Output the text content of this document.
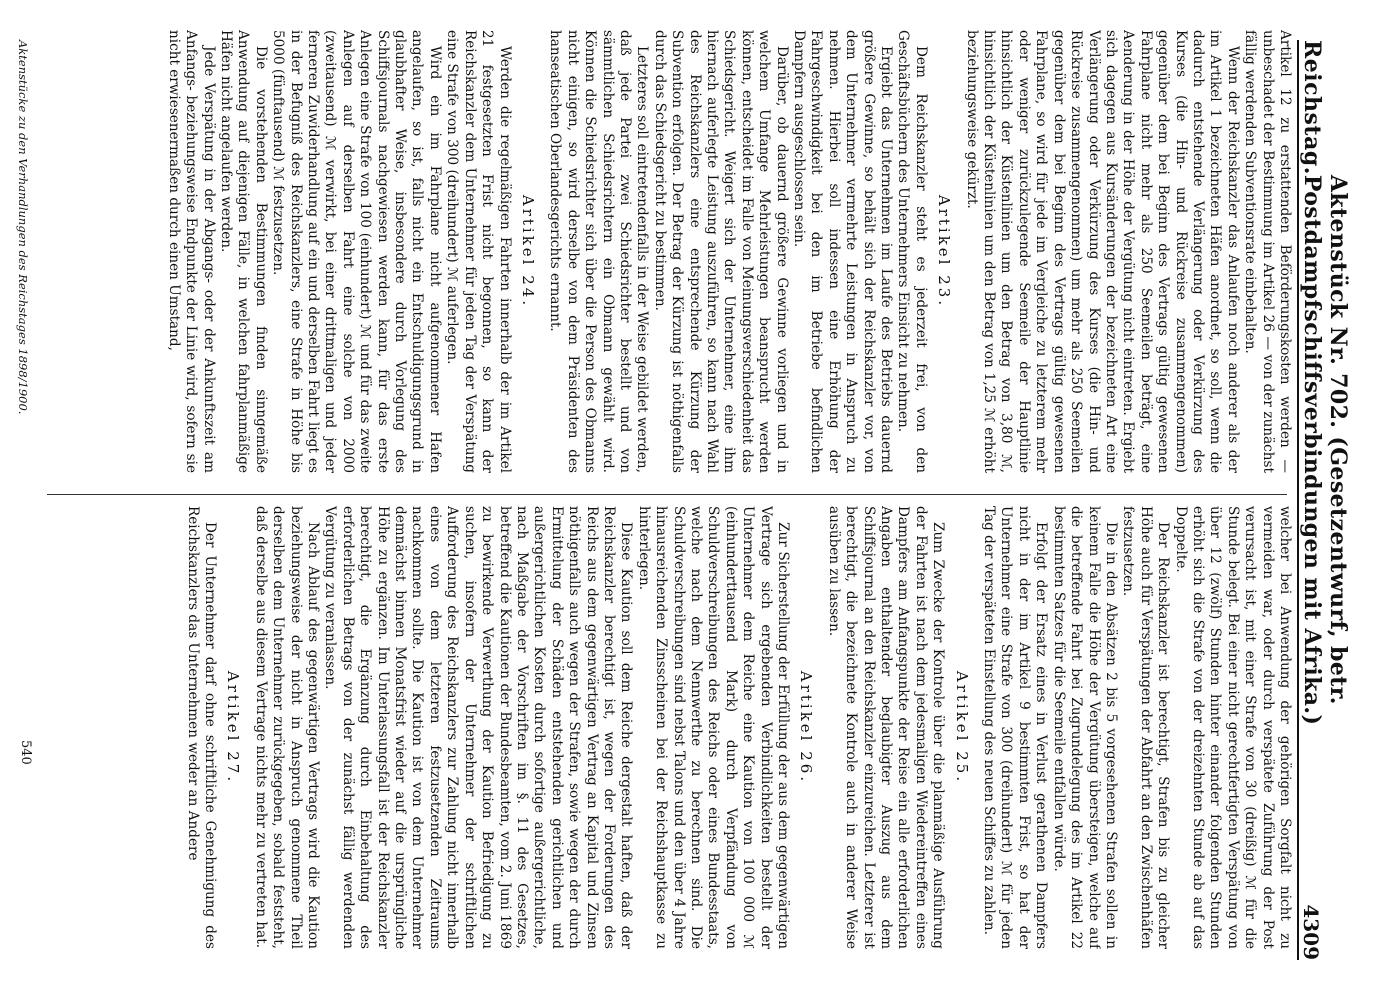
Reichstag.
Aktenstück Nr. 702. (Gesetzentwurf, betr. Postdampfschiffsverbindungen mit Afrika.)
4309

Artikel 12 zu erstattenden Beförderungskosten werden — unbeschadet der Bestimmung im Artikel 26 — von der zunächst fällig werdenden Subventionsrate einbehalten.

Wenn der Reichskanzler das Anlaufen noch anderer als der im Artikel 1 bezeichneten Häfen anordnet, so soll, wenn die dadurch entstehende Verlängerung oder Verkürzung des Kurses (die Hin- und Rückreise zusammengenommen) gegenüber dem bei Beginn des Vertrags gültig gewesenen Fahrplane nicht mehr als 250 Seemeilen beträgt, eine Aenderung in der Höhe der Vergütung nicht eintreten. Ergiebt sich dagegen aus Kursänderungen der bezeichneten Art eine Verlängerung oder Verkürzung des Kurses (die Hin- und Rückreise zusammengenommen) um mehr als 250 Seemeilen gegenüber dem bei Beginn des Vertrags gültig gewesenen Fahrplane, so wird für jede im Vergleiche zu letzterem mehr oder weniger zurückzulegende Seemeile der Hauptlinie hinsichtlich der Küstenlinien um den Betrag von 3,80 ℳ, hinsichtlich der Küstenlinien um den Betrag von 1,25 ℳ erhöht beziehungsweise gekürzt.

Artikel 23.

Dem Reichskanzler steht es jederzeit frei, von den Geschäftsbüchern des Unternehmers Einsicht zu nehmen.

Ergiebt das Unternehmen im Laufe des Betriebs dauernd größere Gewinne, so behält sich der Reichskanzler vor, von dem Unternehmer vermehrte Leistungen in Anspruch zu nehmen. Hierbei soll indessen eine Erhöhung der Fahrgeschwindigkeit bei den im Betriebe befindlichen Dampfern ausgeschlossen sein.

Darüber, ob dauernd größere Gewinne vorliegen und in welchem Umfange Mehrleistungen beansprucht werden können, entscheidet im Falle von Meinungsverschiedenheit das Schiedsgericht. Weigert sich der Unternehmer, eine ihm hiernach auferlegte Leistung auszuführen, so kann nach Wahl des Reichskanzlers eine entsprechende Kürzung der Subvention erfolgen. Der Betrag der Kürzung ist nöthigenfalls durch das Schiedsgericht zu bestimmen.

Letzteres soll eintretendenfalls in der Weise gebildet werden, daß jede Partei zwei Schiedsrichter bestellt und von sämmtlichen Schiedsrichtern ein Obmann gewählt wird. Können die Schiedsrichter sich über die Person des Obmanns nicht einigen, so wird derselbe von dem Präsidenten des hanseatischen Oberlandesgerichts ernannt.

Artikel 24.

Werden die regelmäßigen Fahrten innerhalb der im Artikel 21 festgesetzten Frist nicht begonnen, so kann der Reichskanzler dem Unternehmer für jeden Tag der Verspätung eine Strafe von 300 (dreihundert) ℳ auferlegen.

Wird ein im Fahrplane nicht aufgenommener Hafen angelaufen, so ist, falls nicht ein Entschuldigungsgrund in glaubhafter Weise, insbesondere durch Vorlegung des Schiffsjournals nachgewiesen werden kann, für das erste Anlegen eine Strafe von 100 (einhundert) ℳ und für das zweite Anlegen auf derselben Fahrt eine solche von 2000 (zweitausend) ℳ verwirkt, bei einer drittmaligen und jeder ferneren Zuwiderhandlung auf ein und derselben Fahrt liegt es in der Befugniß des Reichskanzlers, eine Strafe in Höhe bis 5000 (fünftausend) ℳ festzusetzen.

Die vorstehenden Bestimmungen finden sinngemäße Anwendung auf diejenigen Fälle, in welchen fahrplanmäßige Häfen nicht angelaufen werden.

Jede Verspätung in der Abgangs- oder der Ankunftszeit am Anfangs- beziehungsweise Endpunkte der Linie wird, sofern sie nicht erwiesenermaßen durch einen Umstand,

welcher bei Anwendung der gehörigen Sorgfalt nicht zu vermeiden war, oder durch verspätete Zuführung der Post verursacht ist, mit einer Strafe von 30 (dreißig) ℳ für die Stunde belegt. Bei einer nicht gerechtfertigten Verspätung von über 12 (zwölf) Stunden hinter einander folgenden Stunden erhöht sich die Strafe von der dreizehnten Stunde ab auf das Doppelte.

Der Reichskanzler ist berechtigt, Strafen bis zu gleicher Höhe auch für Verspätungen der Abfahrt an den Zwischenhäfen festzusetzen.

Die in den Absätzen 2 bis 5 vorgesehenen Strafen sollen in keinem Falle die Höhe der Vergütung übersteigen, welche auf die betreffende Fahrt bei Zugrundelegung des im Artikel 22 bestimmten Satzes für die Seemeile entfallen würde.

Erfolgt der Ersatz eines in Verlust gerathenen Dampfers nicht in der im Artikel 9 bestimmten Frist, so hat der Unternehmer eine Strafe von 300 (dreihundert) ℳ für jeden Tag der verspäteten Einstellung des neuen Schiffes zu zahlen.

Artikel 25.

Zum Zwecke der Kontrole über die planmäßige Ausführung der Fahrten ist nach dem jedesmaligen Wiedereintreffen eines Dampfers am Anfangspunkte der Reise ein alle erforderlichen Angaben enthaltender beglaubigter Auszug aus dem Schiffsjournal an den Reichskanzler einzureichen. Letzterer ist berechtigt, die bezeichnete Kontrole auch in anderer Weise ausüben zu lassen.

Artikel 26.

Zur Sicherstellung der Erfüllung der aus dem gegenwärtigen Vertrage sich ergebenden Verbindlichkeiten bestellt der Unternehmer dem Reiche eine Kaution von 100 000 ℳ (einhunderttausend Mark) durch Verpfändung von Schuldverschreibungen des Reichs oder eines Bundesstaats, welche nach dem Nennwerthe zu berechnen sind. Die Schuldverschreibungen sind nebst Talons und den über 4 Jahre hinausreichenden Zinsscheinen bei der Reichshauptkasse zu hinterlegen.

Diese Kaution soll dem Reiche dergestalt haften, daß der Reichskanzler berechtigt ist, wegen der Forderungen des Reichs aus dem gegenwärtigen Vertrag an Kapital und Zinsen nöthigenfalls auch wegen der Strafen, sowie wegen der durch Ermittelung der Schäden entstehenden gerichtlichen und außergerichtlichen Kosten durch sofortige außergerichtliche, nach Maßgabe der Vorschriften im §. 11 des Gesetzes, betreffend die Kautionen der Bundesbeamten, vom 2. Juni 1869 zu bewirkende Verwerthung der Kaution Befriedigung zu suchen, insofern der Unternehmer der schriftlichen Aufforderung des Reichskanzlers zur Zahlung nicht innerhalb eines von dem letzteren festzusetzenden Zeitraums nachkommen sollte. Die Kaution ist von dem Unternehmer demnächst binnen Monatsfrist wieder auf die ursprüngliche Höhe zu ergänzen. Im Unterlassungsfall ist der Reichskanzler berechtigt, die Ergänzung durch Einbehaltung des erforderlichen Betrags von der zunächst fällig werdenden Vergütung zu veranlassen.

Nach Ablauf des gegenwärtigen Vertrags wird die Kaution beziehungsweise der nicht in Anspruch genommene Theil derselben dem Unternehmer zurückgegeben, sobald feststeht, daß derselbe aus diesem Vertrage nichts mehr zu vertreten hat.

Artikel 27.

Der Unternehmer darf ohne schriftliche Genehmigung des Reichskanzlers das Unternehmen weder an Andere

Aktenstücke zu den Verhandlungen des Reichstages 1898/1900.
540
